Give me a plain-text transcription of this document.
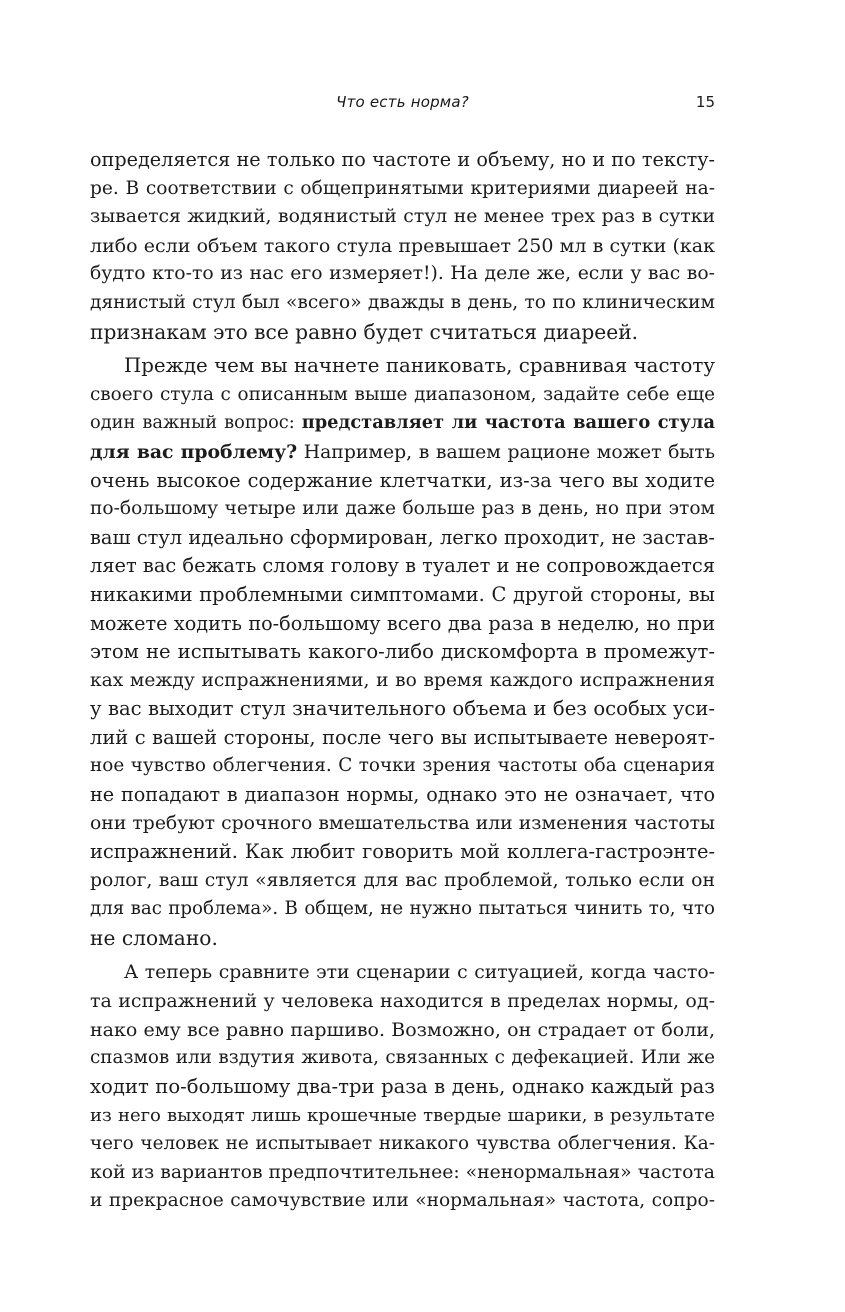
Что есть норма?	15
определяется не только по частоте и объему, но и по тексту-
ре. В соответствии с общепринятыми критериями диареей на-
зывается жидкий, водянистый стул не менее трех раз в сутки
либо если объем такого стула превышает 250 мл в сутки (как
будто кто-то из нас его измеряет!). На деле же, если у вас во-
дянистый стул был «всего» дважды в день, то по клиническим
признакам это все равно будет считаться диареей.
Прежде чем вы начнете паниковать, сравнивая частоту
своего стула с описанным выше диапазоном, задайте себе еще
один важный вопрос: представляет ли частота вашего стула
для вас проблему? Например, в вашем рационе может быть
очень высокое содержание клетчатки, из-за чего вы ходите
по-большому четыре или даже больше раз в день, но при этом
ваш стул идеально сформирован, легко проходит, не застав-
ляет вас бежать сломя голову в туалет и не сопровождается
никакими проблемными симптомами. С другой стороны, вы
можете ходить по-большому всего два раза в неделю, но при
этом не испытывать какого-либо дискомфорта в промежут-
ках между испражнениями, и во время каждого испражнения
у вас выходит стул значительного объема и без особых уси-
лий с вашей стороны, после чего вы испытываете невероят-
ное чувство облегчения. С точки зрения частоты оба сценария
не попадают в диапазон нормы, однако это не означает, что
они требуют срочного вмешательства или изменения частоты
испражнений. Как любит говорить мой коллега-гастроэнте-
ролог, ваш стул «является для вас проблемой, только если он
для вас проблема». В общем, не нужно пытаться чинить то, что
не сломано.
А теперь сравните эти сценарии с ситуацией, когда часто-
та испражнений у человека находится в пределах нормы, од-
нако ему все равно паршиво. Возможно, он страдает от боли,
спазмов или вздутия живота, связанных с дефекацией. Или же
ходит по-большому два-три раза в день, однако каждый раз
из него выходят лишь крошечные твердые шарики, в результате
чего человек не испытывает никакого чувства облегчения. Ка-
кой из вариантов предпочтительнее: «ненормальная» частота
и прекрасное самочувствие или «нормальная» частота, сопро-
